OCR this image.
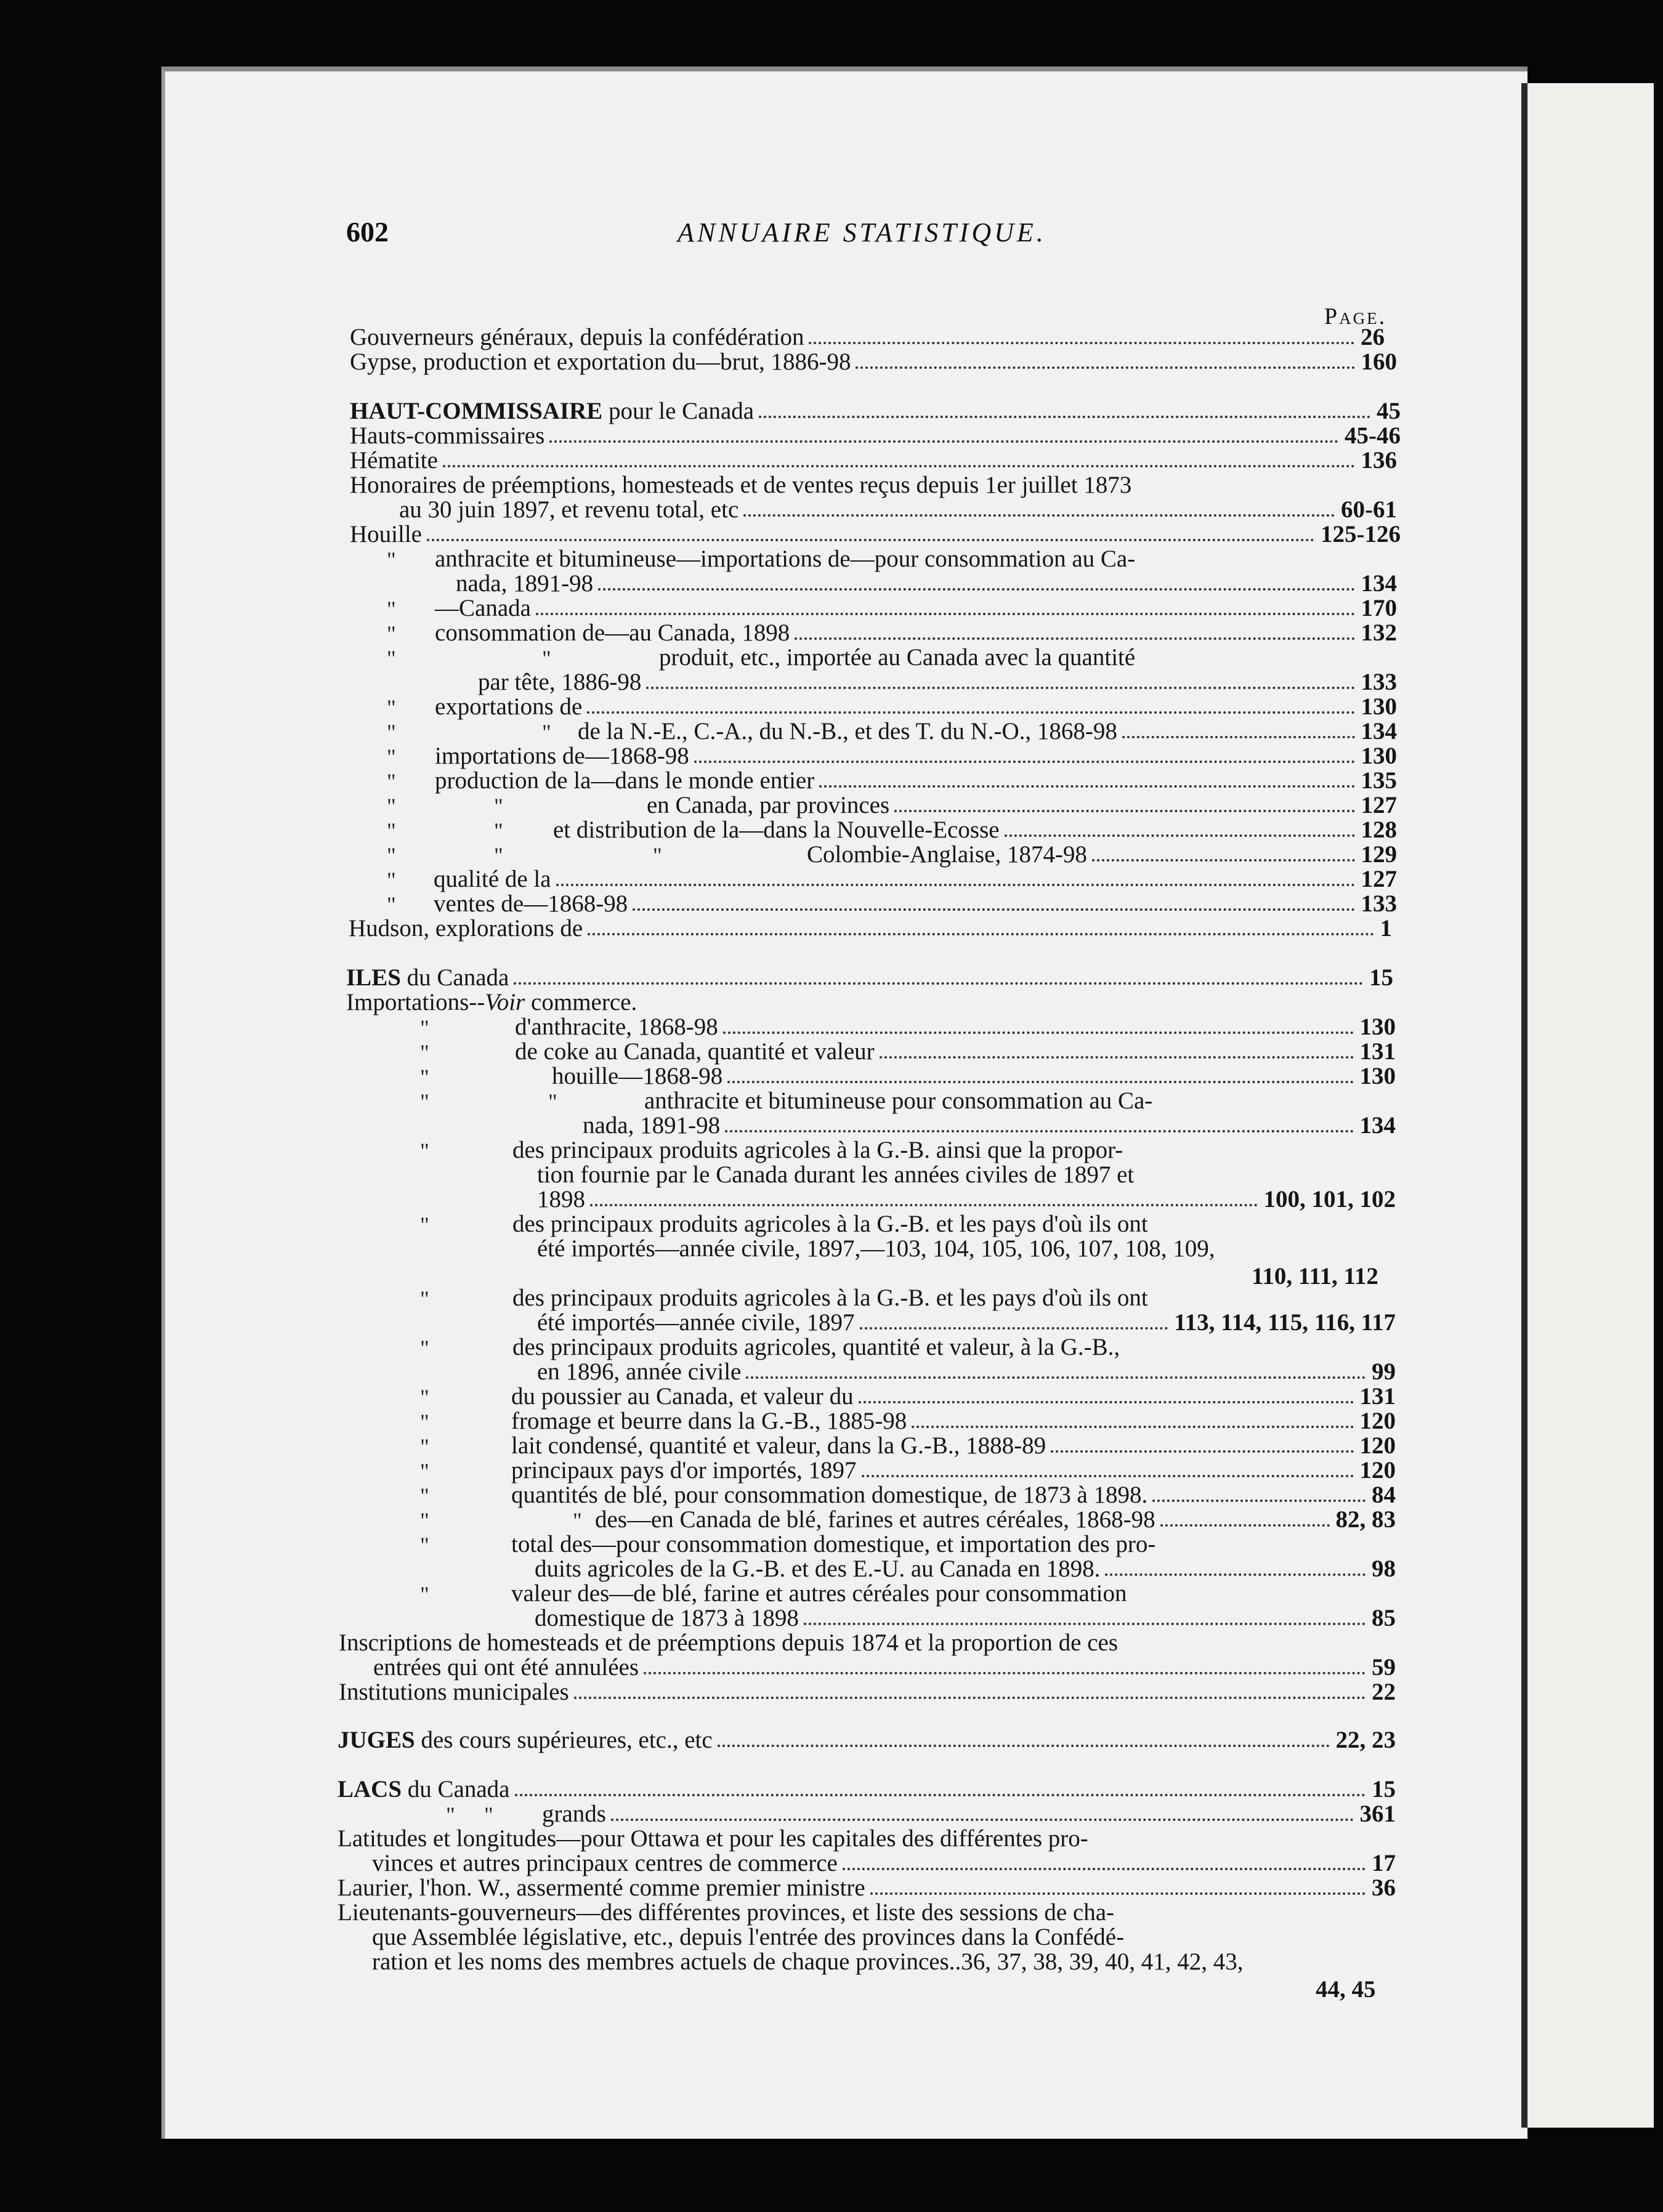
602	ANNUAIRE STATISTIQUE.
Page.
Gouverneurs généraux, depuis la confédération	26
Gypse, production et exportation du—brut, 1886-98	160
HAUT-COMMISSAIRE pour le Canada	45
Hauts-commissaires	45-46
Hématite	136
Honoraires de préemptions, homesteads et de ventes reçus depuis 1er juillet 1873
au 30 juin 1897, et revenu total, etc	60-61
Houille	125-126
" anthracite et bitumineuse—importations de—pour consommation au Ca-
nada, 1891-98	134
" —Canada	170
" consommation de—au Canada, 1898	132
"	"	produit, etc., importée au Canada avec la quantité
par tête, 1886-98	133
" exportations de	130
"	" de la N.-E., C.-A., du N.-B., et des T. du N.-O., 1868-98	134
" importations de—1868-98	130
" production de la—dans le monde entier	135
"	"	en Canada, par provinces	127
"	" et distribution de la—dans la Nouvelle-Ecosse	128
"	"	"	Colombie-Anglaise, 1874-98	129
" qualité de la	127
" ventes de—1868-98	133
Hudson, explorations de	1
ILES du Canada	15
Importations--Voir commerce.
"	d'anthracite, 1868-98	130
"	de coke au Canada, quantité et valeur	131
"	houille—1868-98	130
"	"	anthracite et bitumineuse pour consommation au Ca-
nada, 1891-98	134
"	des principaux produits agricoles à la G.-B. ainsi que la propor-
tion fournie par le Canada durant les années civiles de 1897 et
1898	100, 101, 102
"	des principaux produits agricoles à la G.-B. et les pays d'où ils ont
été importés—année civile, 1897,—103, 104, 105, 106, 107, 108, 109,
110, 111, 112
"	des principaux produits agricoles à la G.-B. et les pays d'où ils ont
été importés—année civile, 1897	113, 114, 115, 116, 117
"	des principaux produits agricoles, quantité et valeur, à la G.-B.,
en 1896, année civile	99
"	du poussier au Canada, et valeur du	131
"	fromage et beurre dans la G.-B., 1885-98	120
"	lait condensé, quantité et valeur, dans la G.-B., 1888-89	120
"	principaux pays d'or importés, 1897	120
"	quantités de blé, pour consommation domestique, de 1873 à 1898.	84
"	" des—en Canada de blé, farines et autres céréales, 1868-98	82, 83
"	total des—pour consommation domestique, et importation des pro-
duits agricoles de la G.-B. et des E.-U. au Canada en 1898.	98
"	valeur des—de blé, farine et autres céréales pour consommation
domestique de 1873 à 1898	85
Inscriptions de homesteads et de préemptions depuis 1874 et la proportion de ces
entrées qui ont été annulées	59
Institutions municipales	22
JUGES des cours supérieures, etc., etc	22, 23
LACS du Canada	15
" " grands	361
Latitudes et longitudes—pour Ottawa et pour les capitales des différentes pro-
vinces et autres principaux centres de commerce	17
Laurier, l'hon. W., assermenté comme premier ministre	36
Lieutenants-gouverneurs—des différentes provinces, et liste des sessions de cha-
que Assemblée législative, etc., depuis l'entrée des provinces dans la Confédé-
ration et les noms des membres actuels de chaque provinces..36, 37, 38, 39, 40, 41, 42, 43,
44, 45
